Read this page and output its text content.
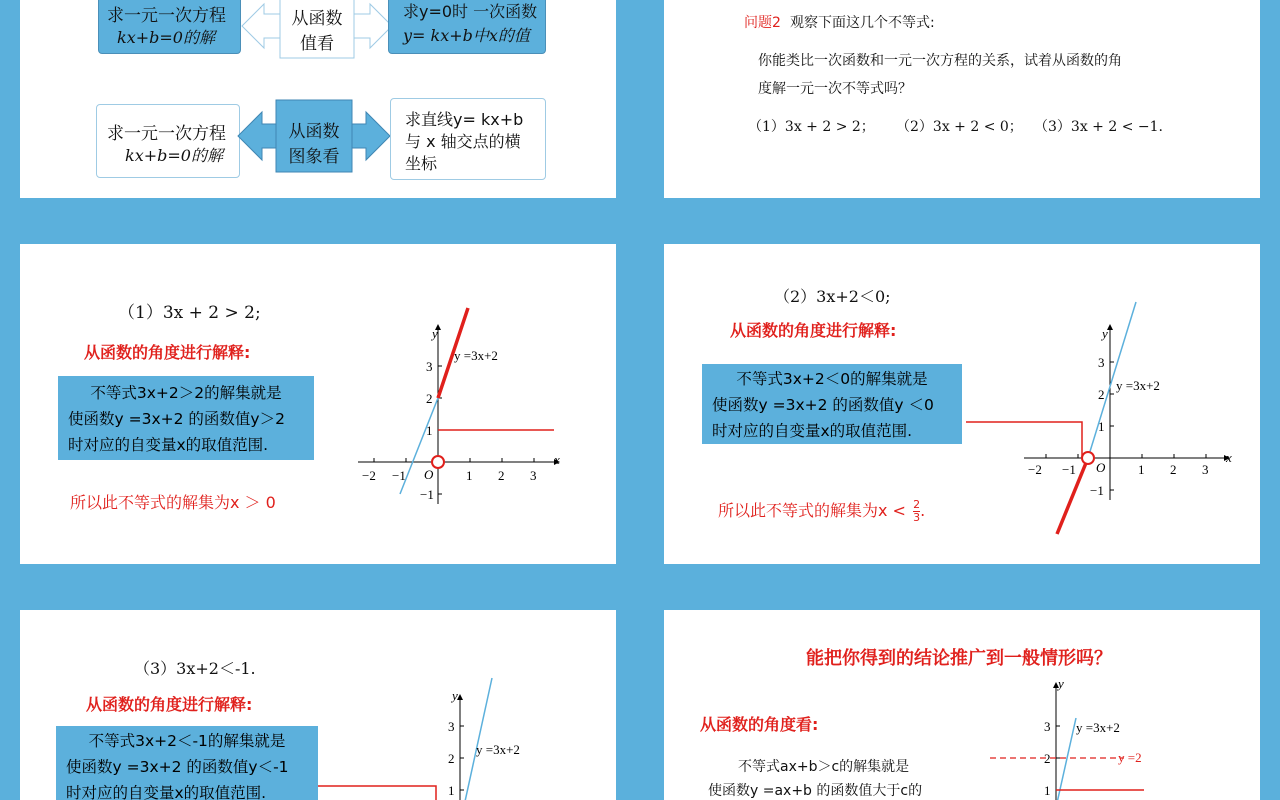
求一元一次方程
kx+b=0的解
从函数
值看
求y=0时 一次函数
y= kx+b中x的值
求一元一次方程
kx+b=0的解
从函数
图象看
求直线y= kx+b
与 x 轴交点的横
坐标
问题2 观察下面这几个不等式:
你能类比一次函数和一元一次方程的关系，试着从函数的角
度解一元一次不等式吗？
（1）3x + 2 > 2； （2）3x + 2 < 0； （3）3x + 2 < −1.
（1）3x + 2 > 2;
从函数的角度进行解释:
不等式3x+2＞2的解集就是
使函数y =3x+2 的函数值y＞2
时对应的自变量x的取值范围.
所以此不等式的解集为x ＞ 0
−2 −1	1 2 3
3
2
1
−1
O
x
y
y =3x+2
（2）3x+2＜0;
从函数的角度进行解释:
不等式3x+2＜0的解集就是
使函数y =3x+2 的函数值y ＜0
时对应的自变量x的取值范围.
所以此不等式的解集为$x < \frac{2}{3}$ .
−2 −1	1 2 3
3
2
1
−1
O
x
y
y =3x+2
（3）3x+2＜-1.
从函数的角度进行解释:
不等式3x+2＜-1的解集就是
使函数y =3x+2 的函数值y＜-1
时对应的自变量x的取值范围.
y
3
2
1
y =3x+2
能把你得到的结论推广到一般情形吗？
从函数的角度看:
不等式ax+b＞c的解集就是
使函数y =ax+b 的函数值大于c的
y
3
2
1
y =3x+2
y =2
